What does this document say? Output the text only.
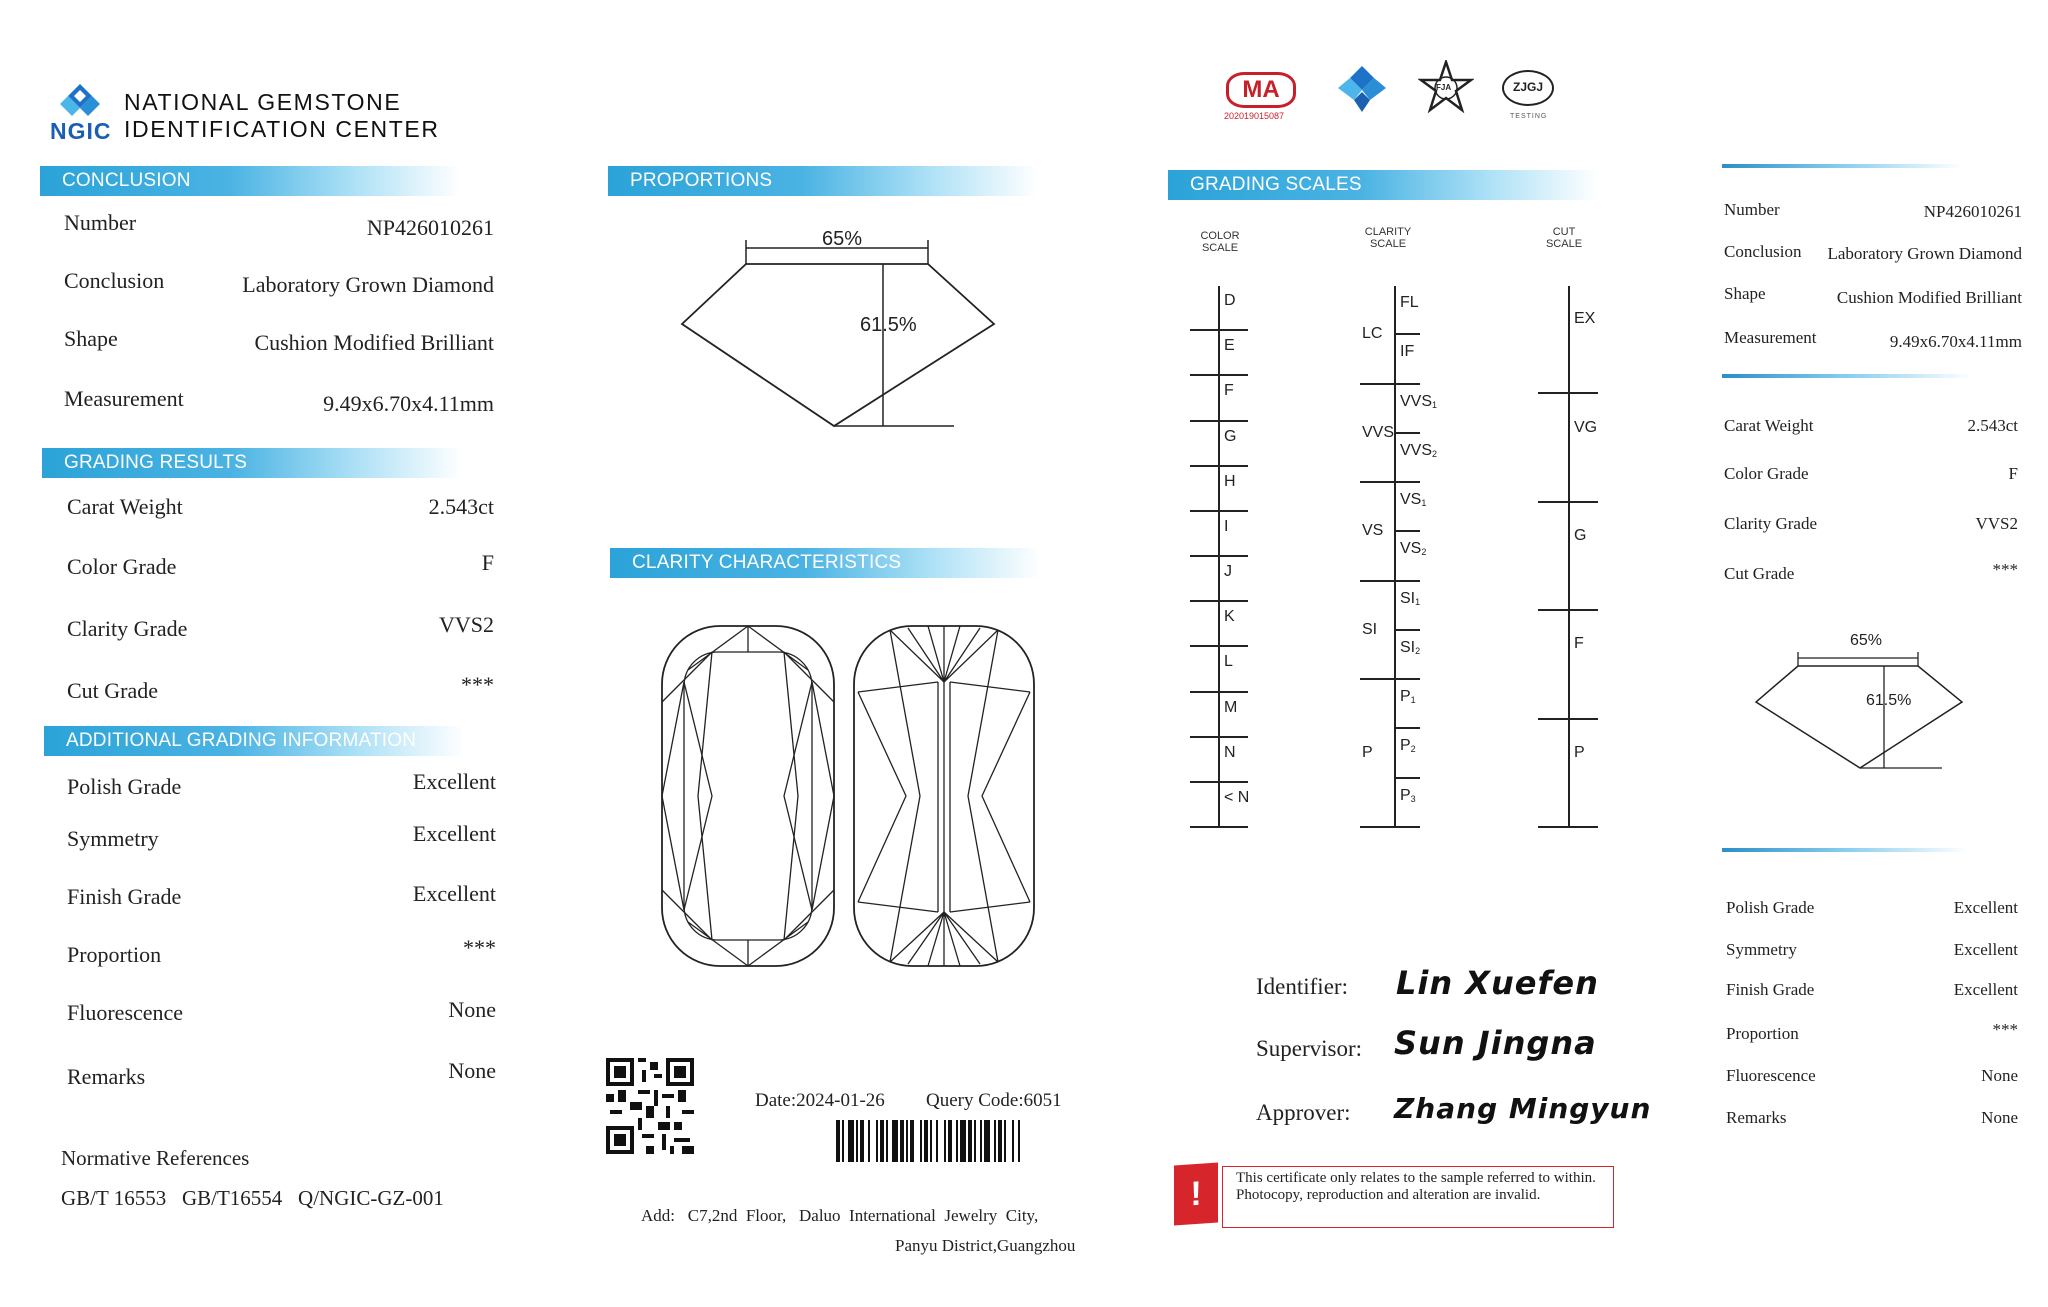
NGIC
NATIONAL GEMSTONE
IDENTIFICATION CENTER
CONCLUSION
Number	NP426010261
Conclusion	Laboratory Grown Diamond
Shape	Cushion Modified Brilliant
Measurement	9.49x6.70x4.11mm
GRADING RESULTS
Carat Weight	2.543ct
Color Grade	F
Clarity Grade	VVS2
Cut Grade	***
ADDITIONAL GRADING INFORMATION
Polish Grade	Excellent
Symmetry	Excellent
Finish Grade	Excellent
Proportion	***
Fluorescence	None
Remarks	None
Normative References
GB/T 16553   GB/T16554   Q/NGIC-GZ-001
PROPORTIONS
65%
61.5%
CLARITY CHARACTERISTICS
Date:2024-01-26 Query Code:6051
Add:   C7,2nd  Floor,   Daluo  International  Jewelry  City,
Panyu District,Guangzhou
MA
202019015087
FJA	ZJGJ
TESTING
GRADING SCALES
COLOR
SCALE
CLARITY
SCALE
CUT
SCALE
D
E
F
G
H
I
J
K
L
M
N
< N
FL
IF
VVS1
VVS2
VS1
VS2
SI1
SI2
P1
P2
P3
LC
VVS
VS
SI
P
EX
VG
G
F
P
Identifier: Lin Xuefen
Supervisor: Sun Jingna
Approver: Zhang Mingyun
!	This certificate only relates to the sample referred to within. Photocopy, reproduction and alteration are invalid.
Number	NP426010261
Conclusion	Laboratory Grown Diamond
Shape	Cushion Modified Brilliant
Measurement	9.49x6.70x4.11mm
Carat Weight	2.543ct
Color Grade	F
Clarity Grade	VVS2
Cut Grade	***
65%
61.5%
Polish Grade	Excellent
Symmetry	Excellent
Finish Grade	Excellent
Proportion	***
Fluorescence	None
Remarks	None
